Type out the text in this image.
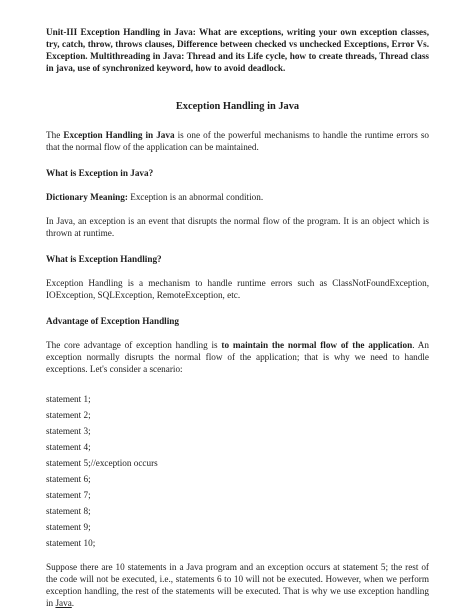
Unit-III Exception Handling in Java: What are exceptions, writing your own exception classes, try, catch, throw, throws clauses, Difference between checked vs unchecked Exceptions, Error Vs. Exception. Multithreading in Java: Thread and its Life cycle, how to create threads, Thread class in java, use of synchronized keyword, how to avoid deadlock.

Exception Handling in Java

The Exception Handling in Java is one of the powerful mechanisms to handle the runtime errors so that the normal flow of the application can be maintained.

What is Exception in Java?

Dictionary Meaning: Exception is an abnormal condition.

In Java, an exception is an event that disrupts the normal flow of the program. It is an object which is thrown at runtime.

What is Exception Handling?

Exception Handling is a mechanism to handle runtime errors such as ClassNotFoundException, IOException, SQLException, RemoteException, etc.

Advantage of Exception Handling

The core advantage of exception handling is to maintain the normal flow of the application. An exception normally disrupts the normal flow of the application; that is why we need to handle exceptions. Let's consider a scenario:

statement 1;

statement 2;

statement 3;

statement 4;

statement 5;//exception occurs

statement 6;

statement 7;

statement 8;

statement 9;

statement 10;

Suppose there are 10 statements in a Java program and an exception occurs at statement 5; the rest of the code will not be executed, i.e., statements 6 to 10 will not be executed. However, when we perform exception handling, the rest of the statements will be executed. That is why we use exception handling in Java.
